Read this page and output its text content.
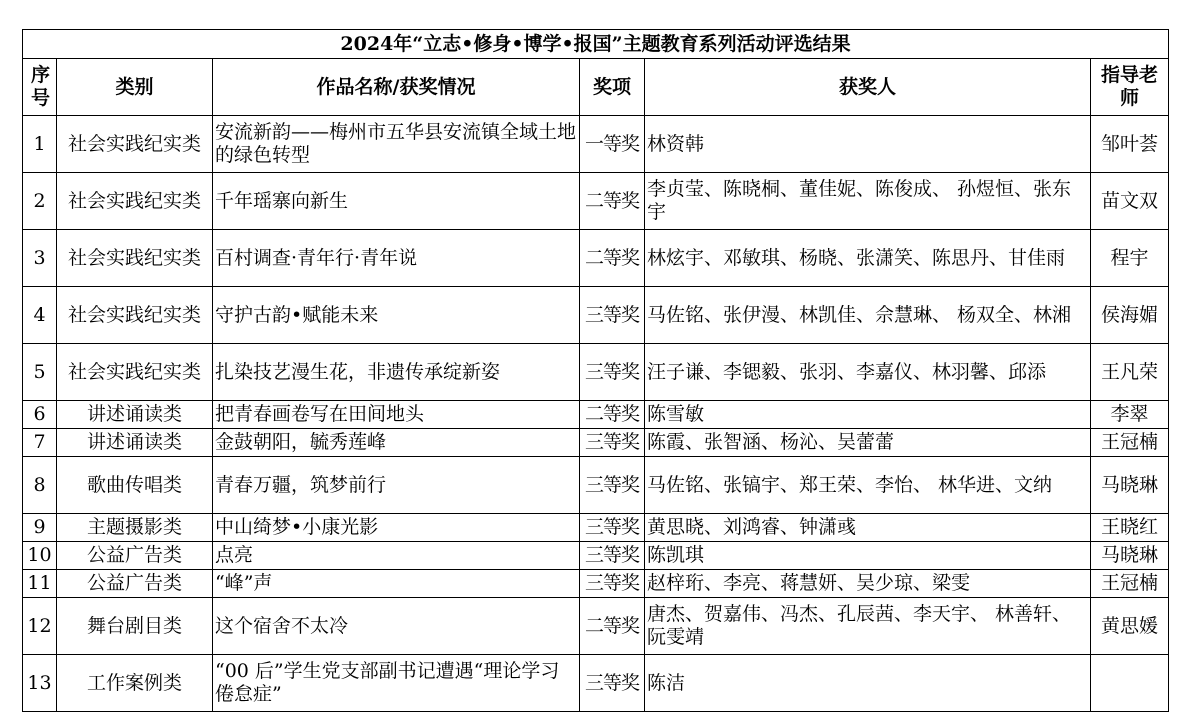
2024年“立志•修身•博学•报国”主题教育系列活动评选结果					
序号	类别	作品名称/获奖情况	奖项	获奖人	指导老师
1	社会实践纪实类	安流新韵——梅州市五华县安流镇全域土地的绿色转型	一等奖	林资韩	邹叶荟
2	社会实践纪实类	千年瑶寨向新生	二等奖	李贞莹、陈晓桐、董佳妮、陈俊成、 孙煜恒、张东宇	苗文双
3	社会实践纪实类	百村调查·青年行·青年说	二等奖	林炫宇、邓敏琪、杨晓、张潇笑、陈思丹、甘佳雨	程宇
4	社会实践纪实类	守护古韵•赋能未来	三等奖	马佐铭、张伊漫、林凯佳、佘慧琳、 杨双全、林湘	侯海媚
5	社会实践纪实类	扎染技艺漫生花，非遗传承绽新姿	三等奖	汪子谦、李锶毅、张羽、李嘉仪、林羽馨、邱添	王凡荣
6	讲述诵读类	把青春画卷写在田间地头	二等奖	陈雪敏	李翠
7	讲述诵读类	金鼓朝阳，毓秀莲峰	三等奖	陈霞、张智涵、杨沁、吴蕾蕾	王冠楠
8	歌曲传唱类	青春万疆，筑梦前行	三等奖	马佐铭、张镐宇、郑王荣、李怡、 林华进、文纳	马晓琳
9	主题摄影类	中山绮梦•小康光影	三等奖	黄思晓、刘鸿睿、钟潇彧	王晓红
10	公益广告类	点亮	三等奖	陈凯琪	马晓琳
11	公益广告类	“峰”声	三等奖	赵梓珩、李亮、蒋慧妍、吴少琼、梁雯	王冠楠
12	舞台剧目类	这个宿舍不太冷	二等奖	唐杰、贺嘉伟、冯杰、孔辰茜、李天宇、 林善轩、阮雯靖	黄思媛
13	工作案例类	“00 后”学生党支部副书记遭遇“理论学习倦怠症”	三等奖	陈洁	
